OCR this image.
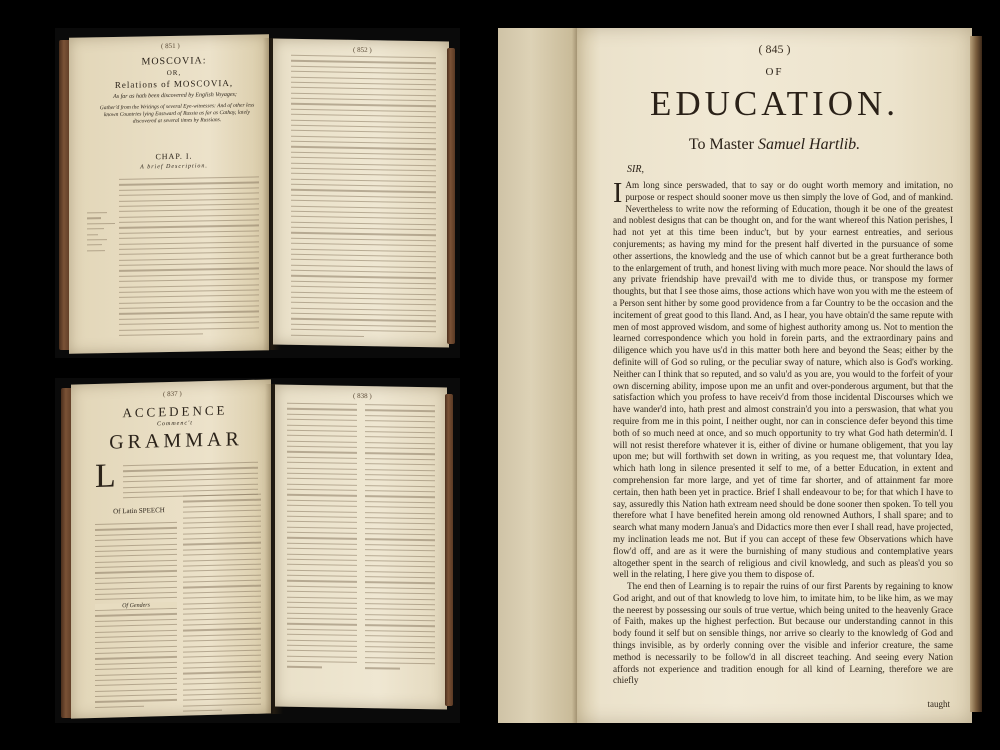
( 851 )
MOSCOVIA:
OR,
Relations of MOSCOVIA,
As far as hath been discovered by English Voyages;
Gather'd from the Writings of several Eye-witnesses: And of other less known Countries lying Eastward of Russia as far as Cathay, lately discovered at several times by Russians.
CHAP. I.
A brief Description.
( 852 )
( 837 )
ACCEDENCE
Commenc't
GRAMMAR
L
Of Latin SPEECH
Of Genders
( 838 )
( 845 )
OF
EDUCATION.
To Master Samuel Hartlib.
SIR,

I Am long since perswaded, that to say or do ought worth memory and imitation, no purpose or respect should sooner move us then simply the love of God, and of mankind. Nevertheless to write now the reforming of Education, though it be one of the greatest and noblest designs that can be thought on, and for the want whereof this Nation perishes, I had not yet at this time been induc't, but by your earnest entreaties, and serious conjurements; as having my mind for the present half diverted in the pursuance of some other assertions, the knowledg and the use of which cannot but be a great furtherance both to the enlargement of truth, and honest living with much more peace. Nor should the laws of any private friendship have prevail'd with me to divide thus, or transpose my former thoughts, but that I see those aims, those actions which have won you with me the esteem of a Person sent hither by some good providence from a far Country to be the occasion and the incitement of great good to this Iland. And, as I hear, you have obtain'd the same repute with men of most approved wisdom, and some of highest authority among us. Not to mention the learned correspondence which you hold in forein parts, and the extraordinary pains and diligence which you have us'd in this matter both here and beyond the Seas; either by the definite will of God so ruling, or the peculiar sway of nature, which also is God's working. Neither can I think that so reputed, and so valu'd as you are, you would to the forfeit of your own discerning ability, impose upon me an unfit and over-ponderous argument, but that the satisfaction which you profess to have receiv'd from those incidental Discourses which we have wander'd into, hath prest and almost constrain'd you into a perswasion, that what you require from me in this point, I neither ought, nor can in conscience defer beyond this time both of so much need at once, and so much opportunity to try what God hath determin'd. I will not resist therefore whatever it is, either of divine or humane obligement, that you lay upon me; but will forthwith set down in writing, as you request me, that voluntary Idea, which hath long in silence presented it self to me, of a better Education, in extent and comprehension far more large, and yet of time far shorter, and of attainment far more certain, then hath been yet in practice. Brief I shall endeavour to be; for that which I have to say, assuredly this Nation hath extream need should be done sooner then spoken. To tell you therefore what I have benefited herein among old renowned Authors, I shall spare; and to search what many modern Janua's and Didactics more then ever I shall read, have projected, my inclination leads me not. But if you can accept of these few Observations which have flow'd off, and are as it were the burnishing of many studious and contemplative years altogether spent in the search of religious and civil knowledg, and such as pleas'd you so well in the relating, I here give you them to dispose of.

The end then of Learning is to repair the ruins of our first Parents by regaining to know God aright, and out of that knowledg to love him, to imitate him, to be like him, as we may the neerest by possessing our souls of true vertue, which being united to the heavenly Grace of Faith, makes up the highest perfection. But because our understanding cannot in this body found it self but on sensible things, nor arrive so clearly to the knowledg of God and things invisible, as by orderly conning over the visible and inferior creature, the same method is necessarily to be follow'd in all discreet teaching. And seeing every Nation affords not experience and tradition enough for all kind of Learning, therefore we are chiefly

taught
